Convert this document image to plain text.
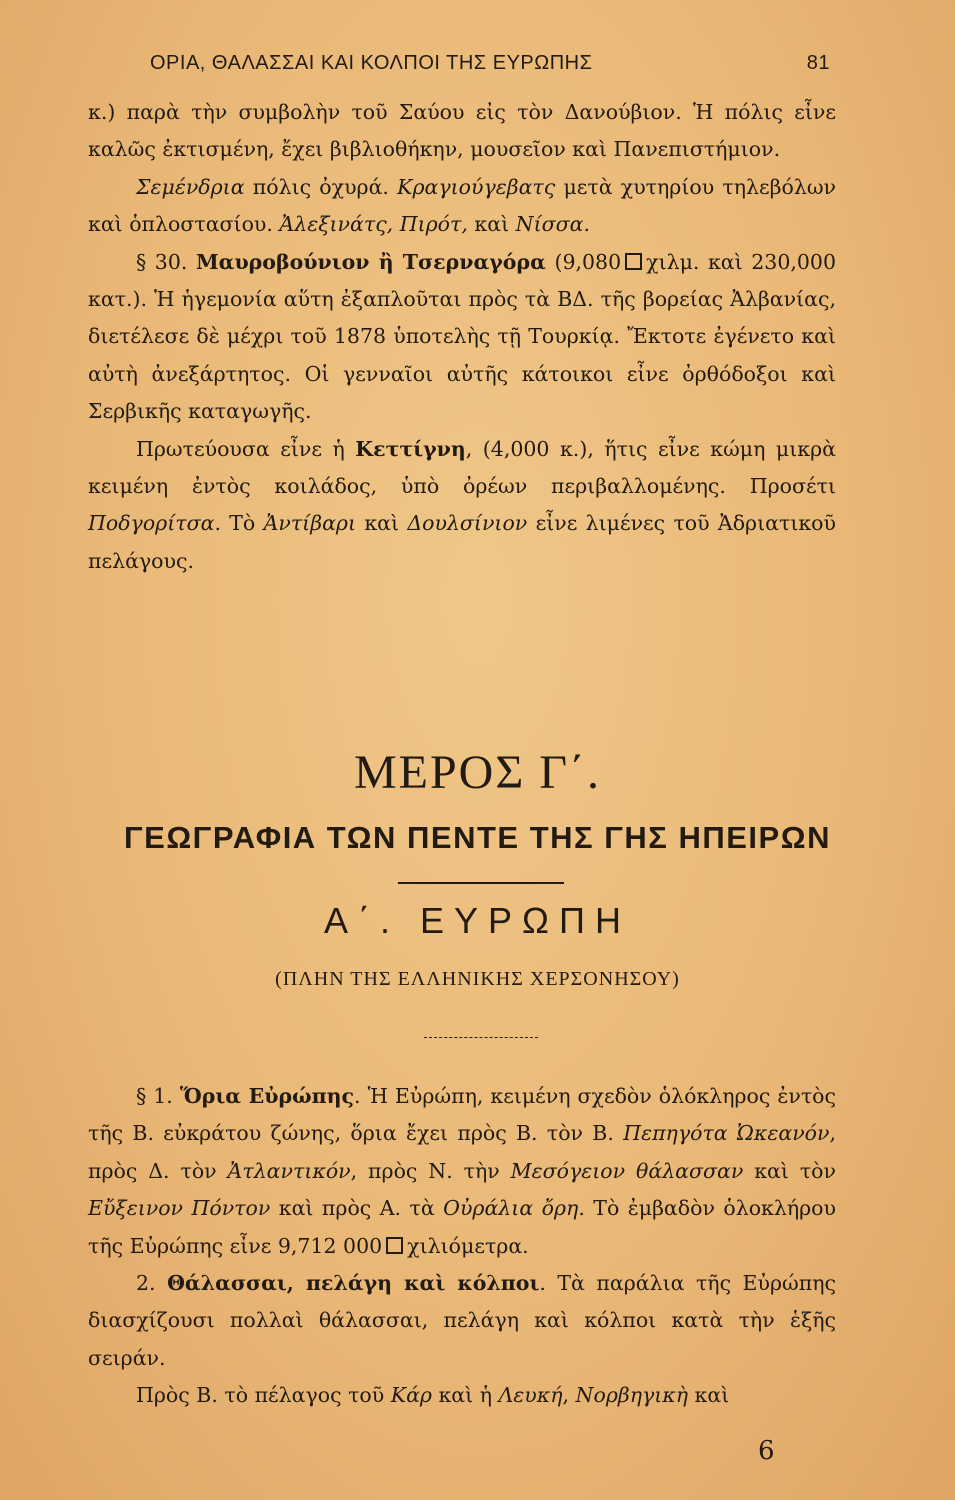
ΟΡΙΑ, ΘΑΛΑΣΣΑΙ ΚΑΙ ΚΟΛΠΟΙ ΤΗΣ ΕΥΡΩΠΗΣ	81

κ.) παρὰ τὴν συμβολὴν τοῦ Σαύου εἰς τὸν Δανούβιον. Ἡ πόλις εἶνε καλῶς ἐκτισμένη, ἔχει βιβλιοθήκην, μουσεῖον καὶ Πανεπιστήμιον.

Σεμένδρια πόλις ὀχυρά. Κραγιούγεβατς μετὰ χυτηρίου τηλεβόλων καὶ ὁπλοστασίου. Ἀλεξινάτς, Πιρότ, καὶ Νίσσα.

§ 30. Μαυροβούνιον ἢ Τσερναγόρα (9,080 χιλμ. καὶ 230,000 κατ.). Ἡ ἡγεμονία αὕτη ἐξαπλοῦται πρὸς τὰ ΒΔ. τῆς βορείας Ἀλβανίας, διετέλεσε δὲ μέχρι τοῦ 1878 ὑποτελὴς τῇ Τουρκίᾳ. Ἔκτοτε ἐγένετο καὶ αὐτὴ ἀνεξάρτητος. Οἱ γενναῖοι αὐτῆς κάτοικοι εἶνε ὀρθόδοξοι καὶ Σερβικῆς καταγωγῆς.

Πρωτεύουσα εἶνε ἡ Κεττίγνη, (4,000 κ.), ἥτις εἶνε κώμη μικρὰ κειμένη ἐντὸς κοιλάδος, ὑπὸ ὀρέων περιβαλλομένης. Προσέτι Ποδγορίτσα. Τὸ Ἀντίβαρι καὶ Δουλσίνιον εἶνε λιμένες τοῦ Ἀδριατικοῦ πελάγους.

ΜΕΡΟΣ Γ΄.
ΓΕΩΓΡΑΦΙΑ ΤΩΝ ΠΕΝΤΕ ΤΗΣ ΓΗΣ ΗΠΕΙΡΩΝ
Α΄. ΕΥΡΩΠΗ
(ΠΛΗΝ ΤΗΣ ΕΛΛΗΝΙΚΗΣ ΧΕΡΣΟΝΗΣΟΥ)

§ 1. Ὅρια Εὐρώπης. Ἡ Εὐρώπη, κειμένη σχεδὸν ὁλόκληρος ἐντὸς τῆς Β. εὐκράτου ζώνης, ὅρια ἔχει πρὸς Β. τὸν Β. Πεπηγότα Ὠκεανόν, πρὸς Δ. τὸν Ἀτλαντικόν, πρὸς Ν. τὴν Μεσόγειον θάλασσαν καὶ τὸν Εὔξεινον Πόντον καὶ πρὸς Α. τὰ Οὐράλια ὄρη. Τὸ ἐμβαδὸν ὁλοκλήρου τῆς Εὐρώπης εἶνε 9,712 000 χιλιόμετρα.

2. Θάλασσαι, πελάγη καὶ κόλποι. Τὰ παράλια τῆς Εὐρώπης διασχίζουσι πολλαὶ θάλασσαι, πελάγη καὶ κόλποι κατὰ τὴν ἑξῆς σειράν.

Πρὸς Β. τὸ πέλαγος τοῦ Κάρ καὶ ἡ Λευκή, Νορβηγικὴ καὶ

6
